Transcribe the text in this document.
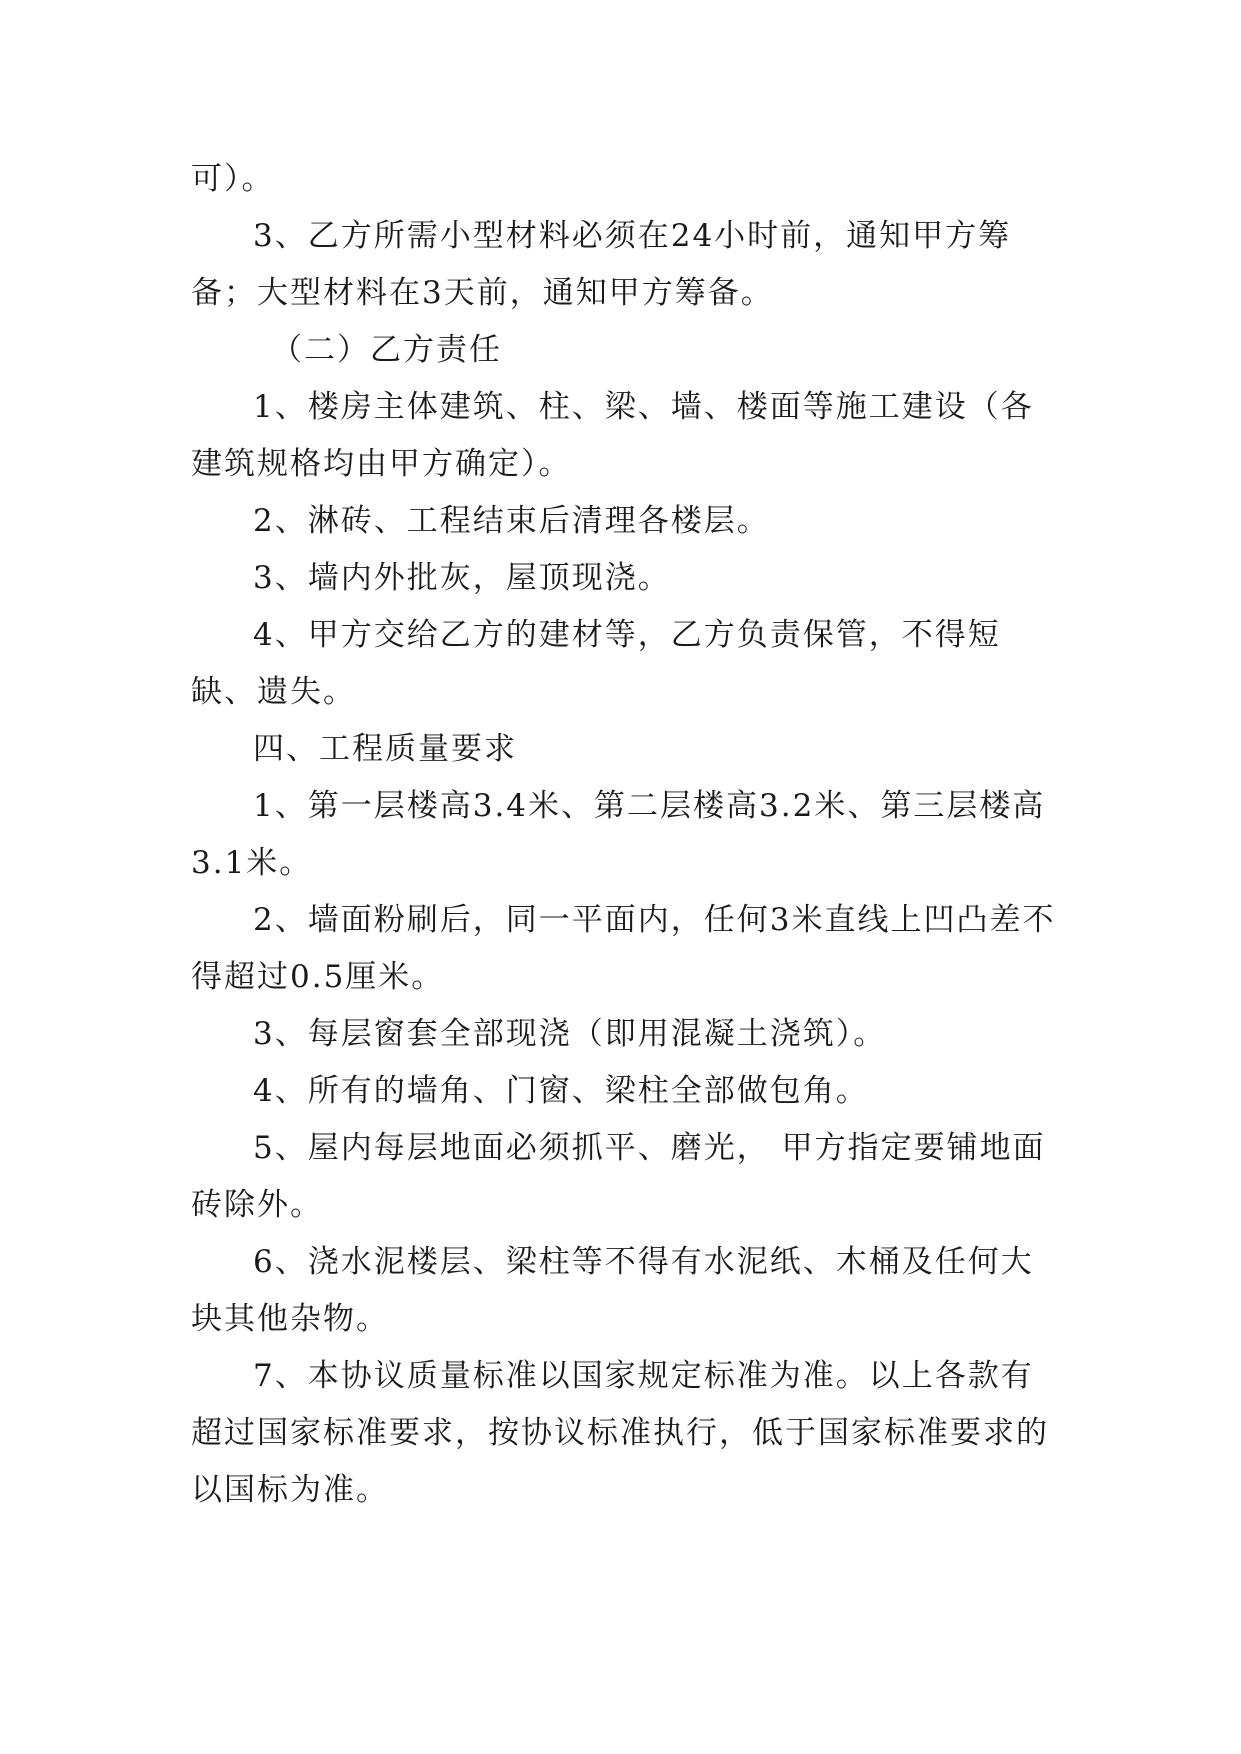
可）。

3、乙方所需小型材料必须在24小时前，通知甲方筹备；大型材料在3天前，通知甲方筹备。

（二）乙方责任

1、楼房主体建筑、柱、梁、墙、楼面等施工建设（各建筑规格均由甲方确定）。

2、淋砖、工程结束后清理各楼层。

3、墙内外批灰，屋顶现浇。

4、甲方交给乙方的建材等，乙方负责保管，不得短缺、遗失。

四、工程质量要求

1、第一层楼高3.4米、第二层楼高3.2米、第三层楼高3.1米。

2、墙面粉刷后，同一平面内，任何3米直线上凹凸差不得超过0.5厘米。

3、每层窗套全部现浇（即用混凝土浇筑）。

4、所有的墙角、门窗、梁柱全部做包角。

5、屋内每层地面必须抓平、磨光， 甲方指定要铺地面砖除外。

6、浇水泥楼层、梁柱等不得有水泥纸、木桶及任何大块其他杂物。

7、本协议质量标准以国家规定标准为准。以上各款有超过国家标准要求，按协议标准执行，低于国家标准要求的以国标为准。
